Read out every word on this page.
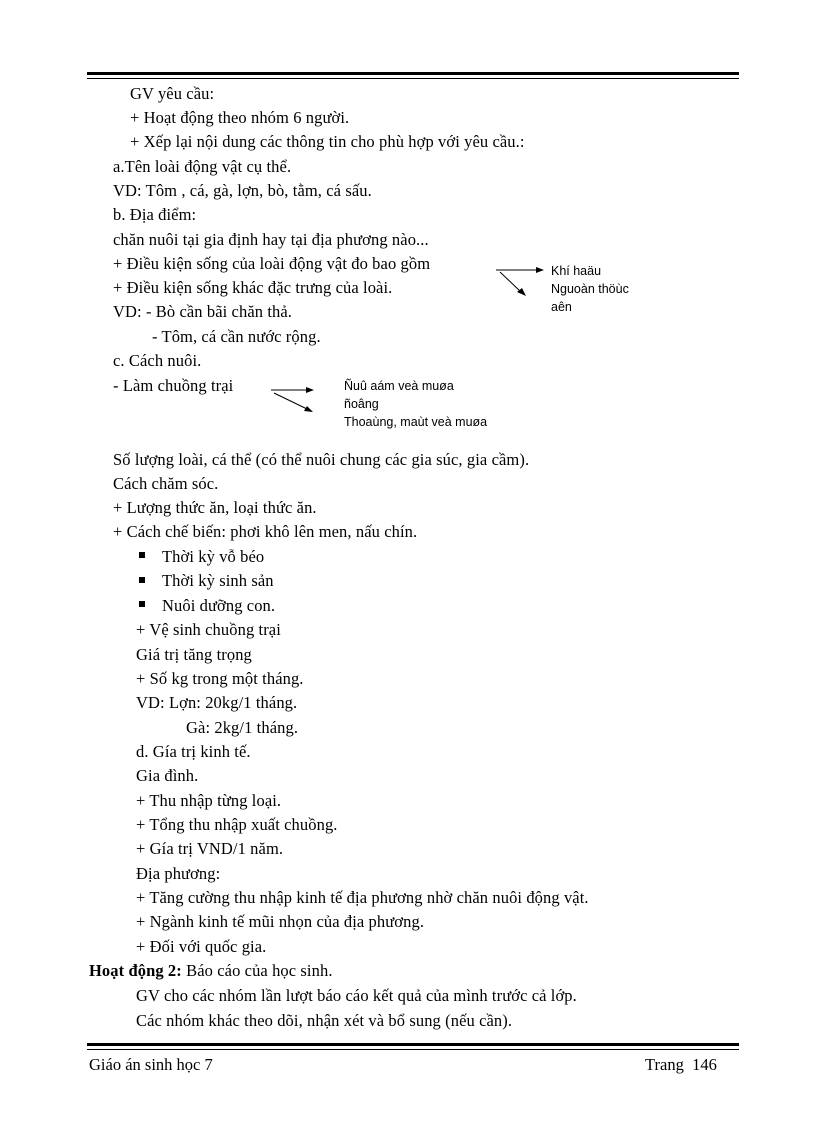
GV yêu cầu:
+ Hoạt động theo nhóm 6 người.
+ Xếp lại nội dung các thông tin cho phù hợp với yêu cầu.:
a.Tên loài động vật cụ thể.
VD: Tôm , cá, gà, lợn, bò, tằm, cá sấu.
b. Địa điểm:
chăn nuôi tại gia định hay tại địa phương nào...
+ Điều kiện sống của loài động vật đo bao gồm
+ Điều kiện sống khác đặc trưng của loài.
VD: - Bò cần bãi chăn thả.
- Tôm, cá cần nước rộng.
c. Cách nuôi.
- Làm chuồng trại
Khí haäu
Nguoàn thöùc
aên
Ñuû aám veà muøa
ñoâng
Thoaùng, maùt veà muøa
Số lượng loài, cá thể (có thể nuôi chung các gia súc, gia cầm).
Cách chăm sóc.
+ Lượng thức ăn, loại thức ăn.
+ Cách chế biến: phơi khô lên men, nấu chín.
Thời kỳ vỗ béo
Thời kỳ sinh sản
Nuôi dưỡng con.
+ Vệ sinh chuồng trại
Giá trị tăng trọng
+ Số kg trong một tháng.
VD: Lợn: 20kg/1 tháng.
Gà: 2kg/1 tháng.
d. Gía trị kinh tế.
Gia đình.
+ Thu nhập từng loại.
+ Tổng thu nhập xuất chuồng.
+ Gía trị VND/1 năm.
Địa phương:
+ Tăng cường thu nhập kinh tế địa phương nhờ chăn nuôi động vật.
+ Ngành kinh tế mũi nhọn của địa phương.
+ Đối với quốc gia.
Hoạt động 2: Báo cáo của học sinh.
GV cho các nhóm lần lượt báo cáo kết quả của mình trước cả lớp.
Các nhóm khác theo dõi, nhận xét và bổ sung (nếu cần).
Giáo án sinh học 7	Trang  146
